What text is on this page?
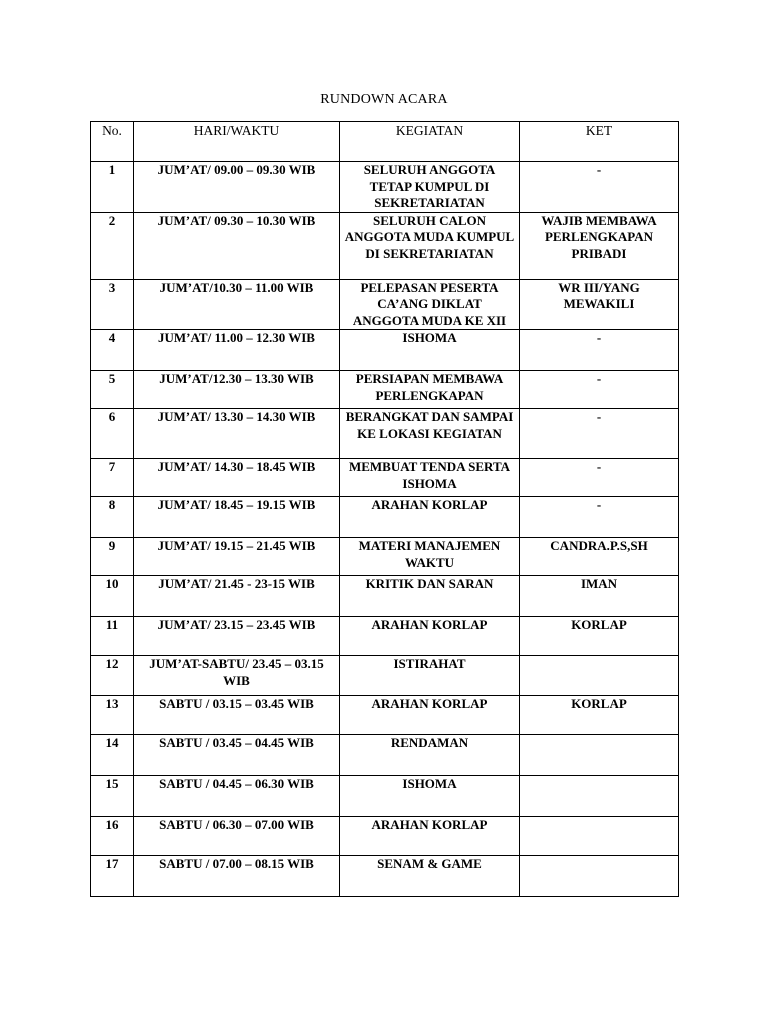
RUNDOWN ACARA
No.	HARI/WAKTU	KEGIATAN	KET
1	JUM’AT/ 09.00 – 09.30 WIB	SELURUH ANGGOTA TETAP KUMPUL DI SEKRETARIATAN	-
2	JUM’AT/ 09.30 – 10.30 WIB	SELURUH CALON ANGGOTA MUDA KUMPUL DI SEKRETARIATAN	WAJIB MEMBAWA PERLENGKAPAN PRIBADI
3	JUM’AT/10.30 – 11.00 WIB	PELEPASAN PESERTA CA’ANG DIKLAT ANGGOTA MUDA KE XII	WR III/YANG MEWAKILI
4	JUM’AT/ 11.00 – 12.30 WIB	ISHOMA	-
5	JUM’AT/12.30 – 13.30 WIB	PERSIAPAN MEMBAWA PERLENGKAPAN	-
6	JUM’AT/ 13.30 – 14.30 WIB	BERANGKAT DAN SAMPAI KE LOKASI KEGIATAN	-
7	JUM’AT/ 14.30 – 18.45 WIB	MEMBUAT TENDA SERTA ISHOMA	-
8	JUM’AT/ 18.45 – 19.15 WIB	ARAHAN KORLAP	-
9	JUM’AT/ 19.15 – 21.45 WIB	MATERI MANAJEMEN WAKTU	CANDRA.P.S,SH
10	JUM’AT/ 21.45 - 23-15 WIB	KRITIK DAN SARAN	IMAN
11	JUM’AT/ 23.15 – 23.45 WIB	ARAHAN KORLAP	KORLAP
12	JUM’AT-SABTU/ 23.45 – 03.15 WIB	ISTIRAHAT	
13	SABTU / 03.15 – 03.45 WIB	ARAHAN KORLAP	KORLAP
14	SABTU / 03.45 – 04.45 WIB	RENDAMAN	
15	SABTU / 04.45 – 06.30 WIB	ISHOMA	
16	SABTU / 06.30 – 07.00 WIB	ARAHAN KORLAP	
17	SABTU / 07.00 – 08.15 WIB	SENAM & GAME	
